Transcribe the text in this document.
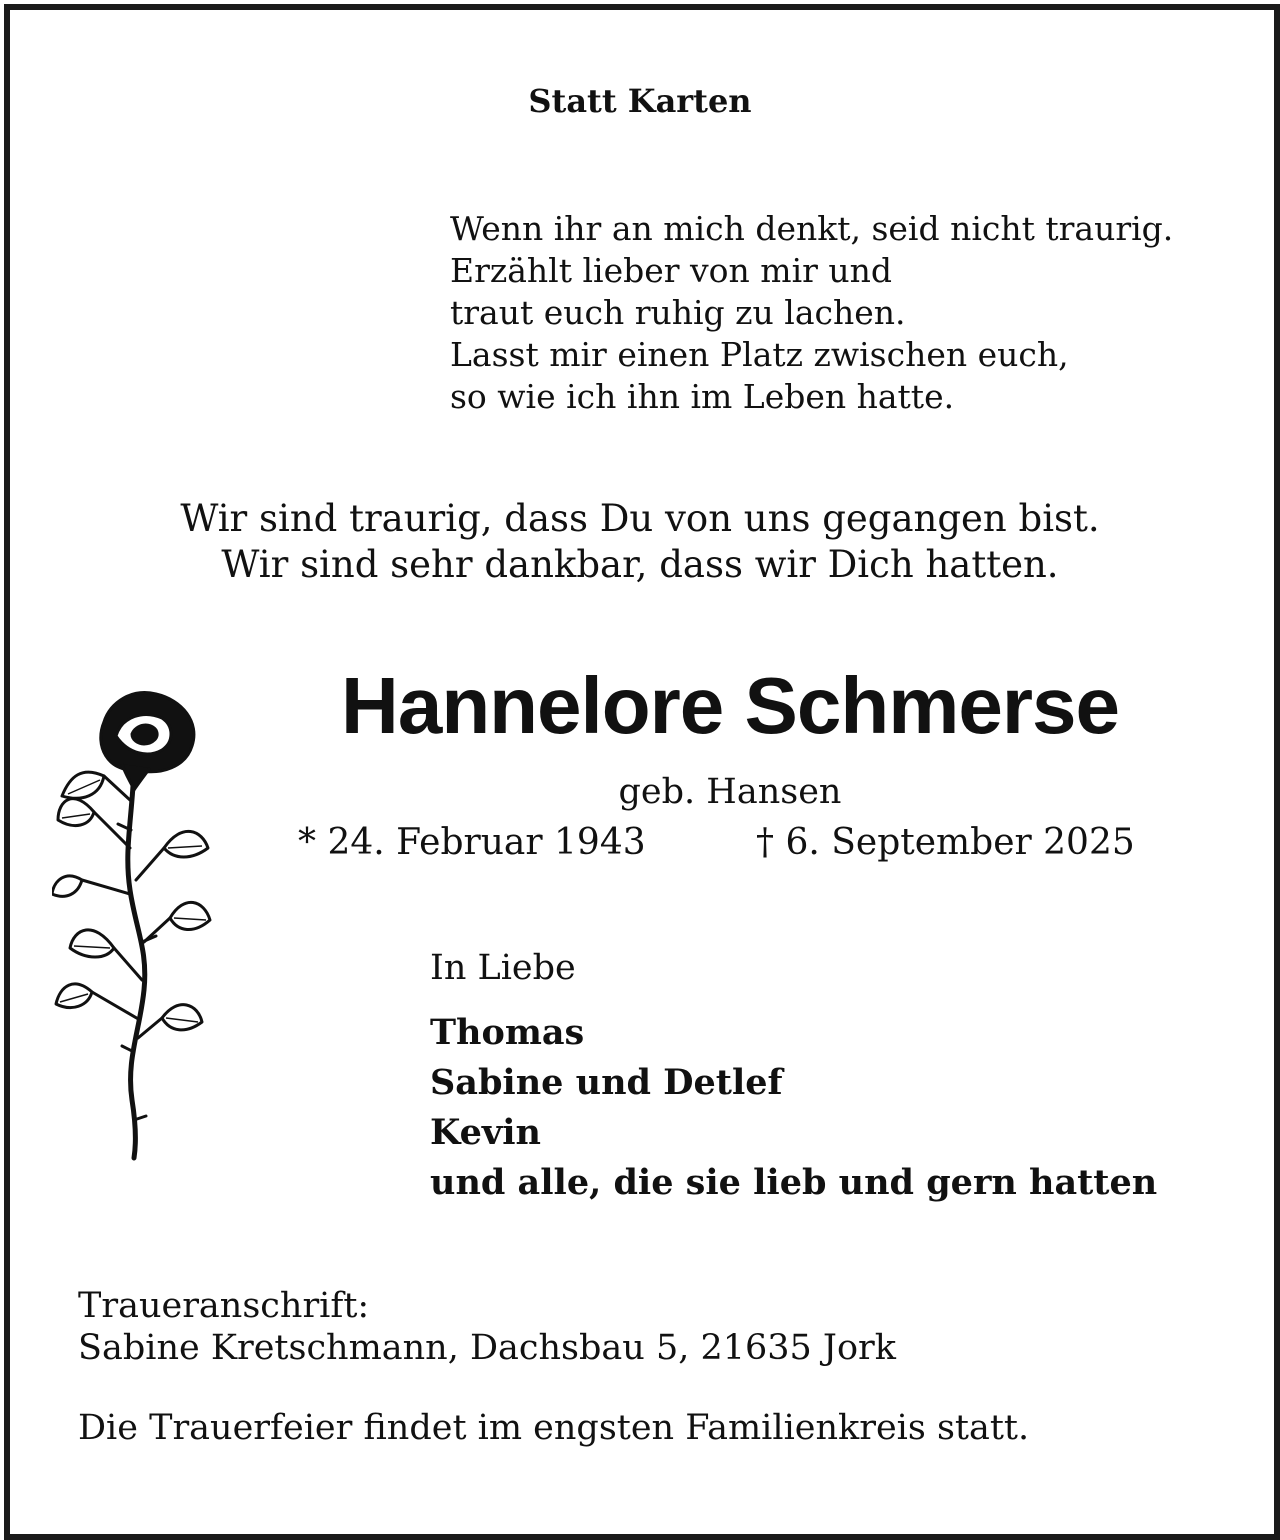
Statt Karten
Wenn ihr an mich denkt, seid nicht traurig.
Erzählt lieber von mir und
traut euch ruhig zu lachen.
Lasst mir einen Platz zwischen euch,
so wie ich ihn im Leben hatte.
Wir sind traurig, dass Du von uns gegangen bist.
Wir sind sehr dankbar, dass wir Dich hatten.
Hannelore Schmerse
geb. Hansen
* 24. Februar 1943	† 6. September 2025
In Liebe
Thomas
Sabine und Detlef
Kevin
und alle, die sie lieb und gern hatten
Traueranschrift:
Sabine Kretschmann, Dachsbau 5, 21635 Jork
Die Trauerfeier findet im engsten Familienkreis statt.
